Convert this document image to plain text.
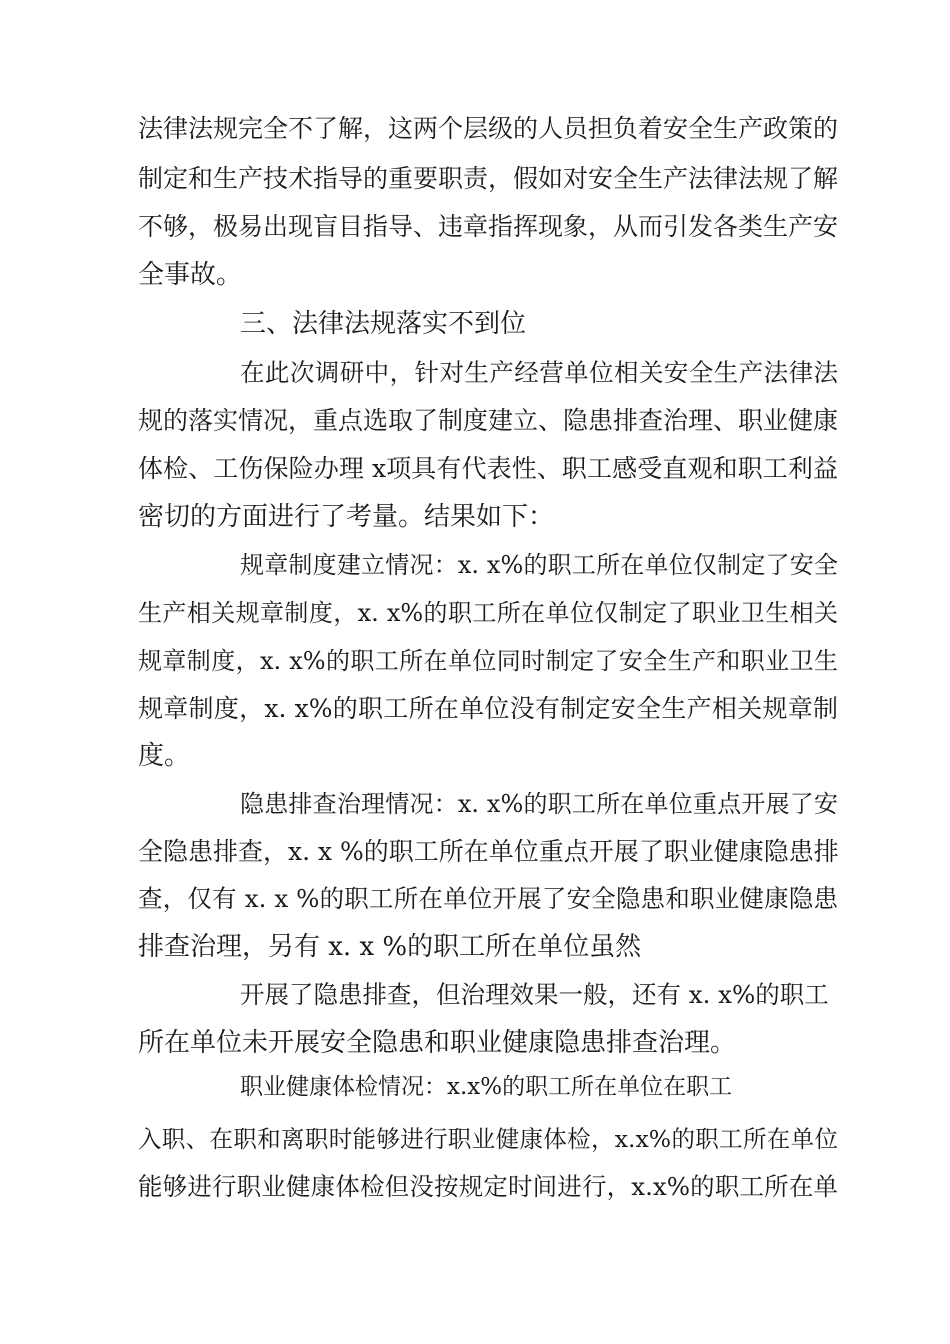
法律法规完全不了解，这两个层级的人员担负着安全生产政策的
制定和生产技术指导的重要职责，假如对安全生产法律法规了解
不够，极易出现盲目指导、违章指挥现象，从而引发各类生产安
全事故。
三、法律法规落实不到位
在此次调研中，针对生产经营单位相关安全生产法律法
规的落实情况，重点选取了制度建立、隐患排查治理、职业健康
体检、工伤保险办理 x项具有代表性、职工感受直观和职工利益
密切的方面进行了考量。结果如下：
规章制度建立情况：x. x%的职工所在单位仅制定了安全
生产相关规章制度，x. x%的职工所在单位仅制定了职业卫生相关
规章制度，x. x%的职工所在单位同时制定了安全生产和职业卫生
规章制度，x. x%的职工所在单位没有制定安全生产相关规章制
度。
隐患排查治理情况：x. x%的职工所在单位重点开展了安
全隐患排查，x. x %的职工所在单位重点开展了职业健康隐患排
查，仅有 x. x %的职工所在单位开展了安全隐患和职业健康隐患
排查治理，另有 x. x %的职工所在单位虽然
开展了隐患排查，但治理效果一般，还有 x. x%的职工
所在单位未开展安全隐患和职业健康隐患排查治理。
职业健康体检情况：x.x%的职工所在单位在职工
入职、在职和离职时能够进行职业健康体检，x.x%的职工所在单位
能够进行职业健康体检但没按规定时间进行，x.x%的职工所在单
